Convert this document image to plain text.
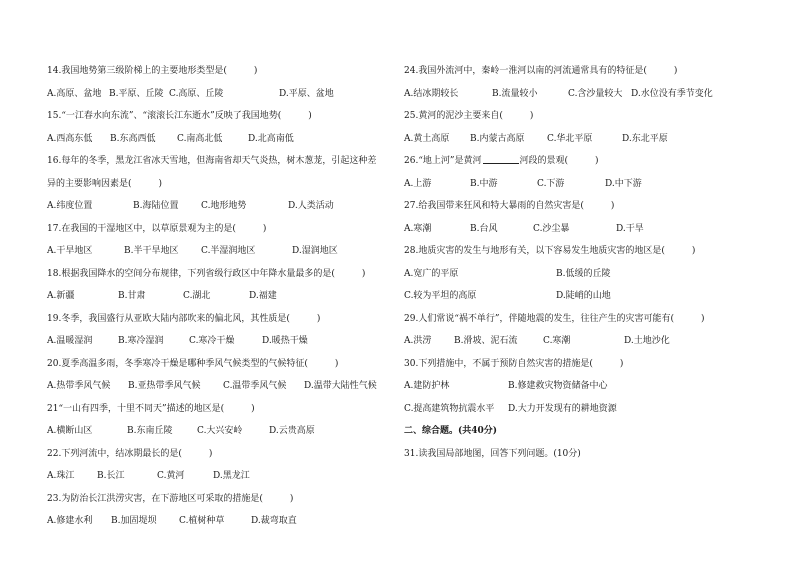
14.我国地势第三级阶梯上的主要地形类型是(　　　)
A.高原、盆地 B.平原、丘陵 C.高原、丘陵	D.平原、盆地
15.“一江春水向东流”、“滚滚长江东逝水”反映了我国地势(　　　)
A.西高东低	B.东高西低	C.南高北低	D.北高南低
16.每年的冬季，黑龙江省冰天雪地，但海南省却天气炎热，树木葱茏，引起这种差
异的主要影响因素是(　　　)
A.纬度位置	B.海陆位置	C.地形地势	D.人类活动
17.在我国的干湿地区中，以草原景观为主的是(　　　)
A.干旱地区	B.半干旱地区	C.半湿润地区	D.湿润地区
18.根据我国降水的空间分布规律，下列省级行政区中年降水量最多的是(　　　)
A.新疆	B.甘肃	C.湖北	D.福建
19.冬季，我国盛行从亚欧大陆内部吹来的偏北风，其性质是(　　　)
A.温暖湿润	B.寒冷湿润	C.寒冷干燥	D.暖热干燥
20.夏季高温多雨，冬季寒冷干燥是哪种季风气候类型的气候特征(　　　)
A.热带季风气候	B.亚热带季风气候	C.温带季风气候	D.温带大陆性气候
21“一山有四季，十里不同天”描述的地区是(　　　)
A.横断山区	B.东南丘陵	C.大兴安岭	D.云贵高原
22.下列河流中，结冰期最长的是(　　　)
A.珠江	B.长江	C.黄河	D.黑龙江
23.为防治长江洪涝灾害，在下游地区可采取的措施是(　　　)
A.修建水利	B.加固堤坝	C.植树种草	D.裁弯取直
24.我国外流河中，秦岭一淮河以南的河流通常具有的特征是(　　　)
A.结冰期较长	B.流量较小	C.含沙量较大 D.水位没有季节变化
25.黄河的泥沙主要来自(　　　)
A.黄土高原	B.内蒙古高原	C.华北平原	D.东北平原
26.“地上河”是黄河	河段的景观(　　　)
A.上游	B.中游	C.下游	D.中下游
27.给我国带来狂风和特大暴雨的自然灾害是(　　　)
A.寒潮	B.台风	C.沙尘暴	D.干旱
28.地质灾害的发生与地形有关，以下容易发生地质灾害的地区是(　　　)
A.宽广的平原	B.低缓的丘陵
C.较为平坦的高原	D.陡峭的山地
29.人们常说“祸不单行”，伴随地震的发生，往往产生的灾害可能有(　　　)
A.洪涝	B.滑坡、泥石流	C.寒潮	D.土地沙化
30.下列措施中，不属于预防自然灾害的措施是(　　　)
A.建防护林	B.修建救灾物资储备中心
C.提高建筑物抗震水平	D.大力开发现有的耕地资源
二、综合题。(共40分)
31.读我国局部地图，回答下列问题。(10分)
